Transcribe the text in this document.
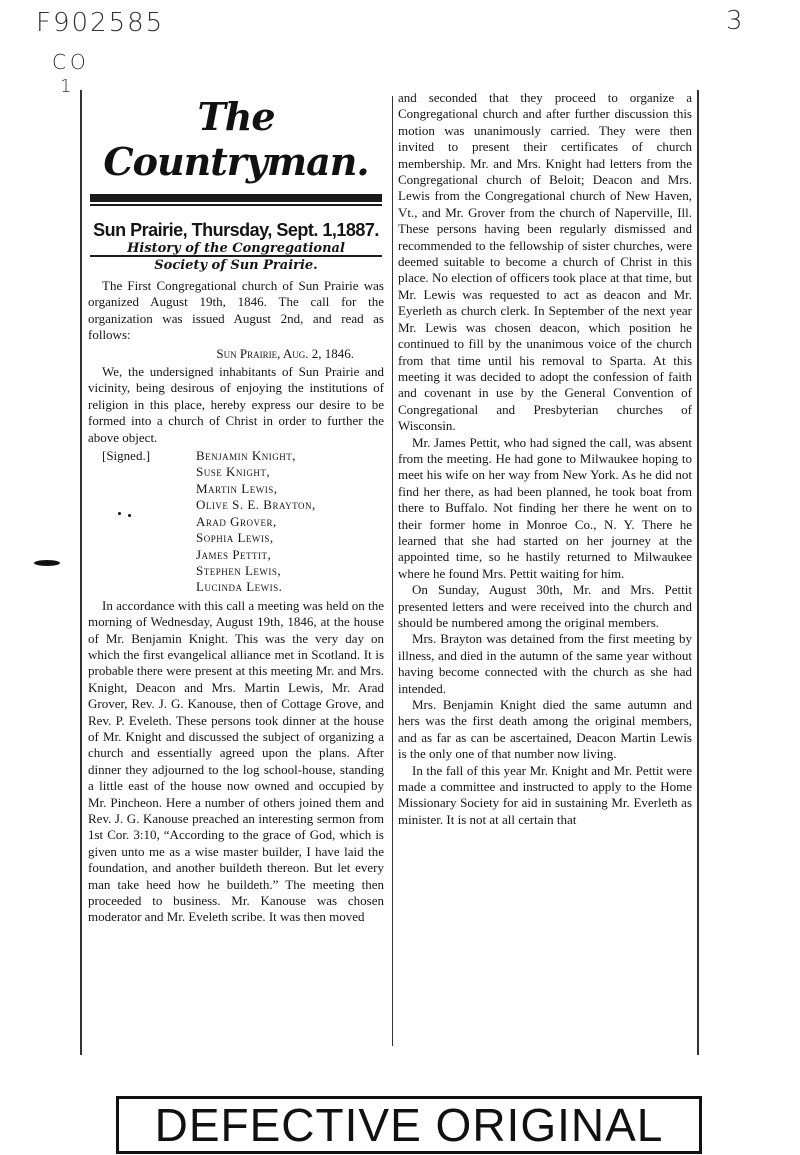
F902585
CO
1
3
The Countryman.
Sun Prairie, Thursday, Sept. 1,1887.
History of the Congregational
Society of Sun Prairie.

The First Congregational church of Sun Prairie was organized August 19th, 1846. The call for the organization was issued August 2nd, and read as follows:

Sun Prairie, Aug. 2, 1846.

We, the undersigned inhabitants of Sun Prairie and vicinity, being desirous of enjoying the institutions of religion in this place, hereby express our desire to be formed into a church of Christ in order to further the above object.

[Signed.]	Benjamin Knight,
Suse Knight,
Martin Lewis,
Olive S. E. Brayton,
Arad Grover,
Sophia Lewis,
James Pettit,
Stephen Lewis,
Lucinda Lewis.

In accordance with this call a meeting was held on the morning of Wednesday, August 19th, 1846, at the house of Mr. Benjamin Knight. This was the very day on which the first evangelical alliance met in Scotland. It is probable there were present at this meeting Mr. and Mrs. Knight, Deacon and Mrs. Martin Lewis, Mr. Arad Grover, Rev. J. G. Kanouse, then of Cottage Grove, and Rev. P. Eveleth. These persons took dinner at the house of Mr. Knight and discussed the subject of organizing a church and essentially agreed upon the plans. After dinner they adjourned to the log school-house, standing a little east of the house now owned and occupied by Mr. Pincheon. Here a number of others joined them and Rev. J. G. Kanouse preached an interesting sermon from 1st Cor. 3:10, “According to the grace of God, which is given unto me as a wise master builder, I have laid the foundation, and another buildeth thereon. But let every man take heed how he buildeth.” The meeting then proceeded to business. Mr. Kanouse was chosen moderator and Mr. Eveleth scribe. It was then moved

and seconded that they proceed to organize a Congregational church and after further discussion this motion was unanimously carried. They were then invited to present their certificates of church membership. Mr. and Mrs. Knight had letters from the Congregational church of Beloit; Deacon and Mrs. Lewis from the Congregational church of New Haven, Vt., and Mr. Grover from the church of Naperville, Ill. These persons having been regularly dismissed and recommended to the fellowship of sister churches, were deemed suitable to become a church of Christ in this place. No election of officers took place at that time, but Mr. Lewis was requested to act as deacon and Mr. Eyerleth as church clerk. In September of the next year Mr. Lewis was chosen deacon, which position he continued to fill by the unanimous voice of the church from that time until his removal to Sparta. At this meeting it was decided to adopt the confession of faith and covenant in use by the General Convention of Congregational and Presbyterian churches of Wisconsin.

Mr. James Pettit, who had signed the call, was absent from the meeting. He had gone to Milwaukee hoping to meet his wife on her way from New York. As he did not find her there, as had been planned, he took boat from there to Buffalo. Not finding her there he went on to their former home in Monroe Co., N. Y. There he learned that she had started on her journey at the appointed time, so he hastily returned to Milwaukee where he found Mrs. Pettit waiting for him.

On Sunday, August 30th, Mr. and Mrs. Pettit presented letters and were received into the church and should be numbered among the original members.

Mrs. Brayton was detained from the first meeting by illness, and died in the autumn of the same year without having become connected with the church as she had intended.

Mrs. Benjamin Knight died the same autumn and hers was the first death among the original members, and as far as can be ascertained, Deacon Martin Lewis is the only one of that number now living.

In the fall of this year Mr. Knight and Mr. Pettit were made a committee and instructed to apply to the Home Missionary Society for aid in sustaining Mr. Everleth as minister. It is not at all certain that

DEFECTIVE ORIGINAL
